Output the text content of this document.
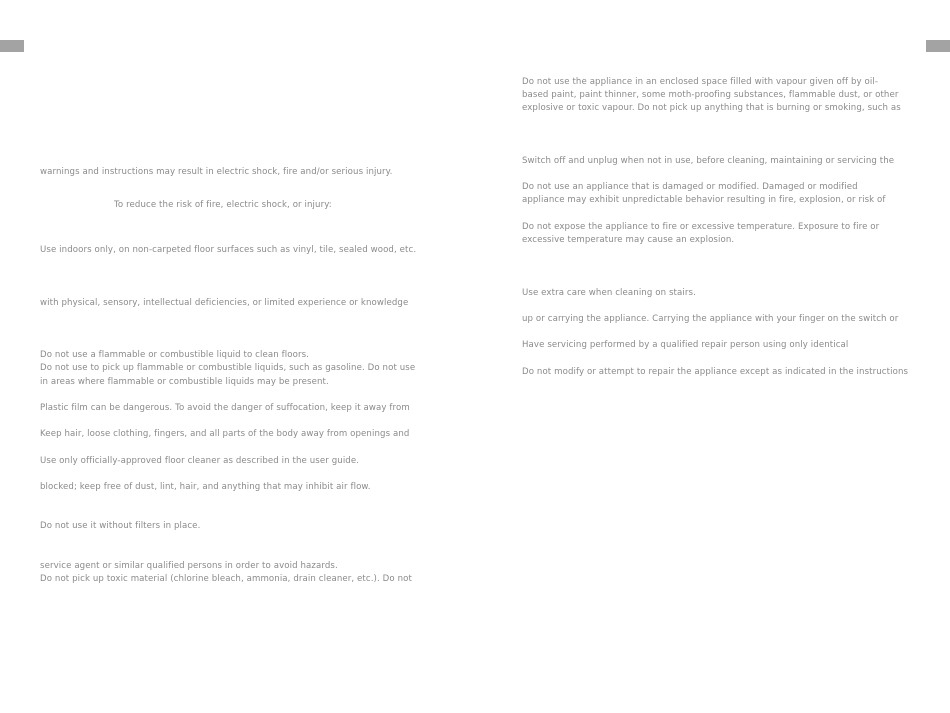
warnings and instructions may result in electric shock, fire and/or serious injury.
To reduce the risk of fire, electric shock, or injury:
Use indoors only, on non-carpeted floor surfaces such as vinyl, tile, sealed wood, etc.
with physical, sensory, intellectual deficiencies, or limited experience or knowledge
Do not use a flammable or combustible liquid to clean floors.
Do not use to pick up flammable or combustible liquids, such as gasoline. Do not use
in areas where flammable or combustible liquids may be present.
Plastic film can be dangerous. To avoid the danger of suffocation, keep it away from
Keep hair, loose clothing, fingers, and all parts of the body away from openings and
Use only officially-approved floor cleaner as described in the user guide.
blocked; keep free of dust, lint, hair, and anything that may inhibit air flow.
Do not use it without filters in place.
service agent or similar qualified persons in order to avoid hazards.
Do not pick up toxic material (chlorine bleach, ammonia, drain cleaner, etc.). Do not
Do not use the appliance in an enclosed space filled with vapour given off by oil-
based paint, paint thinner, some moth-proofing substances, flammable dust, or other
explosive or toxic vapour. Do not pick up anything that is burning or smoking, such as
Switch off and unplug when not in use, before cleaning, maintaining or servicing the
Do not use an appliance that is damaged or modified. Damaged or modified
appliance may exhibit unpredictable behavior resulting in fire, explosion, or risk of
Do not expose the appliance to fire or excessive temperature. Exposure to fire or
excessive temperature may cause an explosion.
Use extra care when cleaning on stairs.
up or carrying the appliance. Carrying the appliance with your finger on the switch or
Have servicing performed by a qualified repair person using only identical
Do not modify or attempt to repair the appliance except as indicated in the instructions
